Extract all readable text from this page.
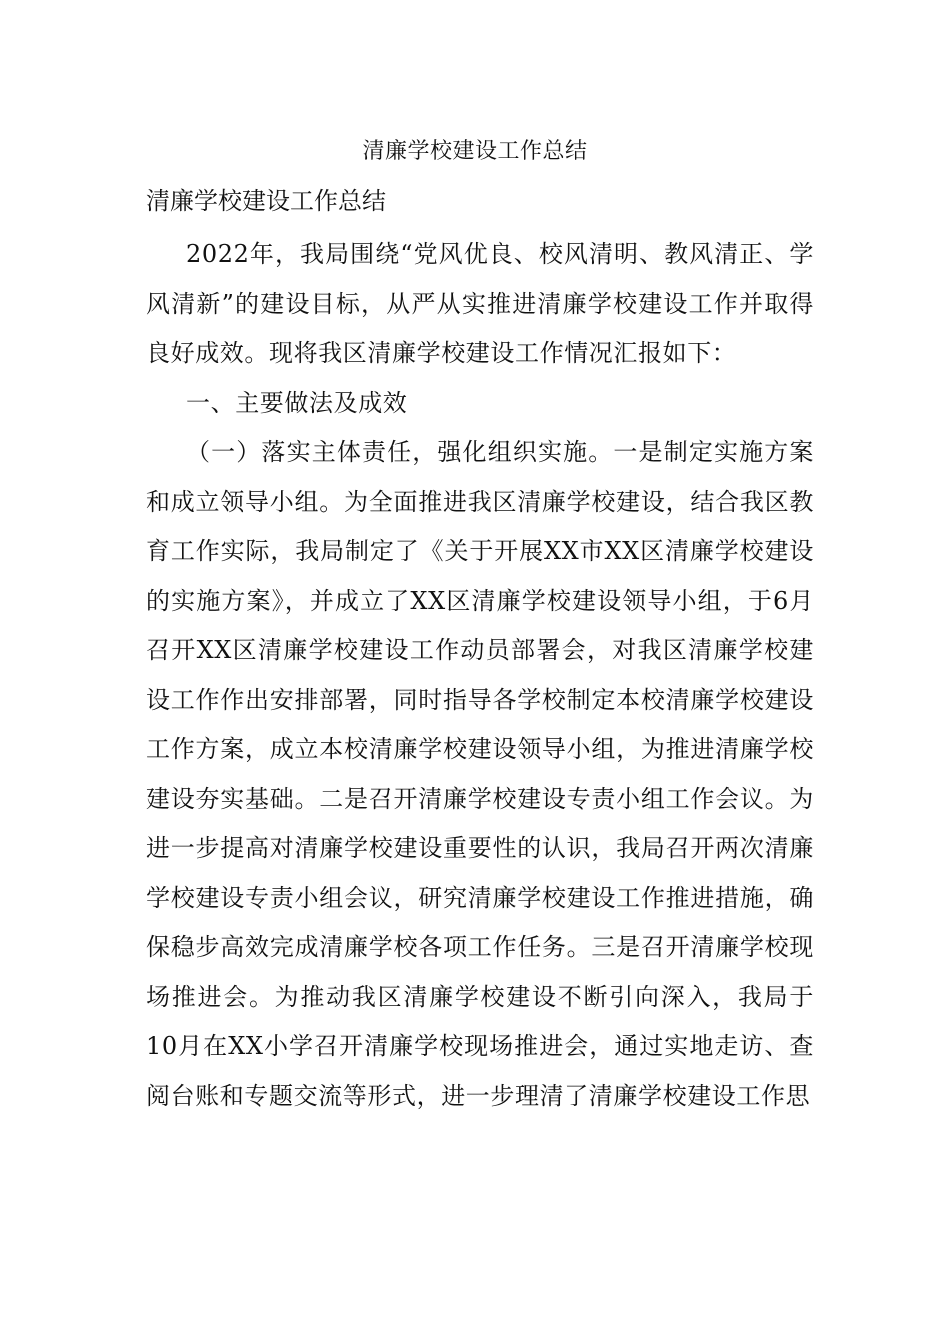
清廉学校建设工作总结
清廉学校建设工作总结

2022年，我局围绕“党风优良、校风清明、教风清正、学风清新”的建设目标，从严从实推进清廉学校建设工作并取得良好成效。现将我区清廉学校建设工作情况汇报如下：

一、主要做法及成效

（一）落实主体责任，强化组织实施。一是制定实施方案和成立领导小组。为全面推进我区清廉学校建设，结合我区教育工作实际，我局制定了《关于开展XX市XX区清廉学校建设的实施方案》，并成立了XX区清廉学校建设领导小组，于6月召开XX区清廉学校建设工作动员部署会，对我区清廉学校建设工作作出安排部署，同时指导各学校制定本校清廉学校建设工作方案，成立本校清廉学校建设领导小组，为推进清廉学校建设夯实基础。二是召开清廉学校建设专责小组工作会议。为进一步提高对清廉学校建设重要性的认识，我局召开两次清廉学校建设专责小组会议，研究清廉学校建设工作推进措施，确保稳步高效完成清廉学校各项工作任务。三是召开清廉学校现场推进会。为推动我区清廉学校建设不断引向深入，我局于10月在XX小学召开清廉学校现场推进会，通过实地走访、查阅台账和专题交流等形式，进一步理清了清廉学校建设工作思
